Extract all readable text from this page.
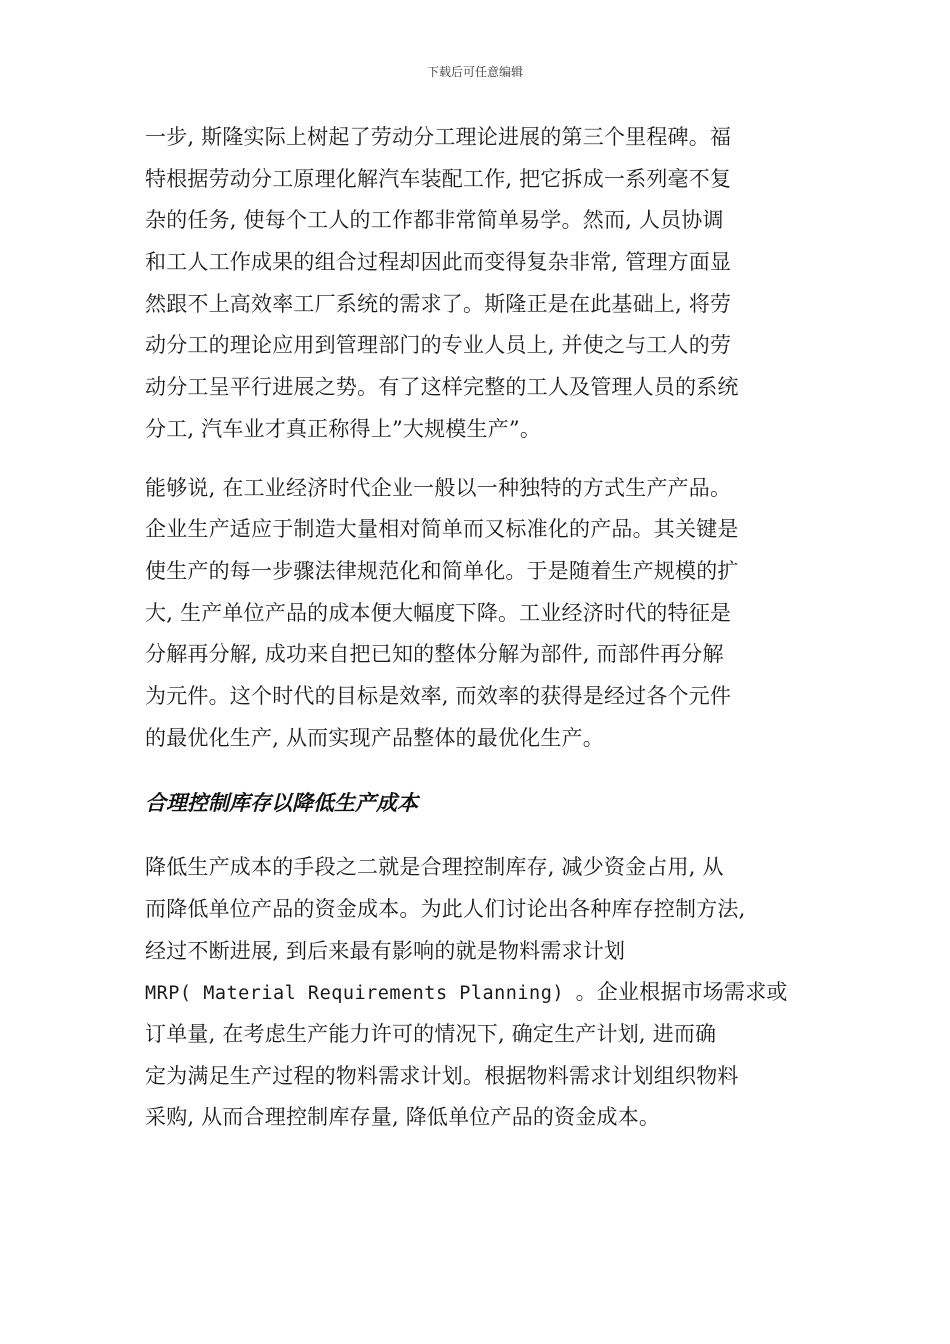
下载后可任意编辑
一步, 斯隆实际上树起了劳动分工理论进展的第三个里程碑。福
特根据劳动分工原理化解汽车装配工作, 把它拆成一系列毫不复
杂的任务, 使每个工人的工作都非常简单易学。然而, 人员协调
和工人工作成果的组合过程却因此而变得复杂非常, 管理方面显
然跟不上高效率工厂系统的需求了。斯隆正是在此基础上, 将劳
动分工的理论应用到管理部门的专业人员上, 并使之与工人的劳
动分工呈平行进展之势。有了这样完整的工人及管理人员的系统
分工, 汽车业才真正称得上”大规模生产”。
能够说, 在工业经济时代企业一般以一种独特的方式生产产品。
企业生产适应于制造大量相对简单而又标准化的产品。其关键是
使生产的每一步骤法律规范化和简单化。于是随着生产规模的扩
大, 生产单位产品的成本便大幅度下降。工业经济时代的特征是
分解再分解, 成功来自把已知的整体分解为部件, 而部件再分解
为元件。这个时代的目标是效率, 而效率的获得是经过各个元件
的最优化生产, 从而实现产品整体的最优化生产。
合理控制库存以降低生产成本
降低生产成本的手段之二就是合理控制库存, 减少资金占用, 从
而降低单位产品的资金成本。为此人们讨论出各种库存控制方法,
经过不断进展, 到后来最有影响的就是物料需求计划
MRP( Material Requirements Planning) 。企业根据市场需求或
订单量, 在考虑生产能力许可的情况下, 确定生产计划, 进而确
定为满足生产过程的物料需求计划。根据物料需求计划组织物料
采购, 从而合理控制库存量, 降低单位产品的资金成本。
